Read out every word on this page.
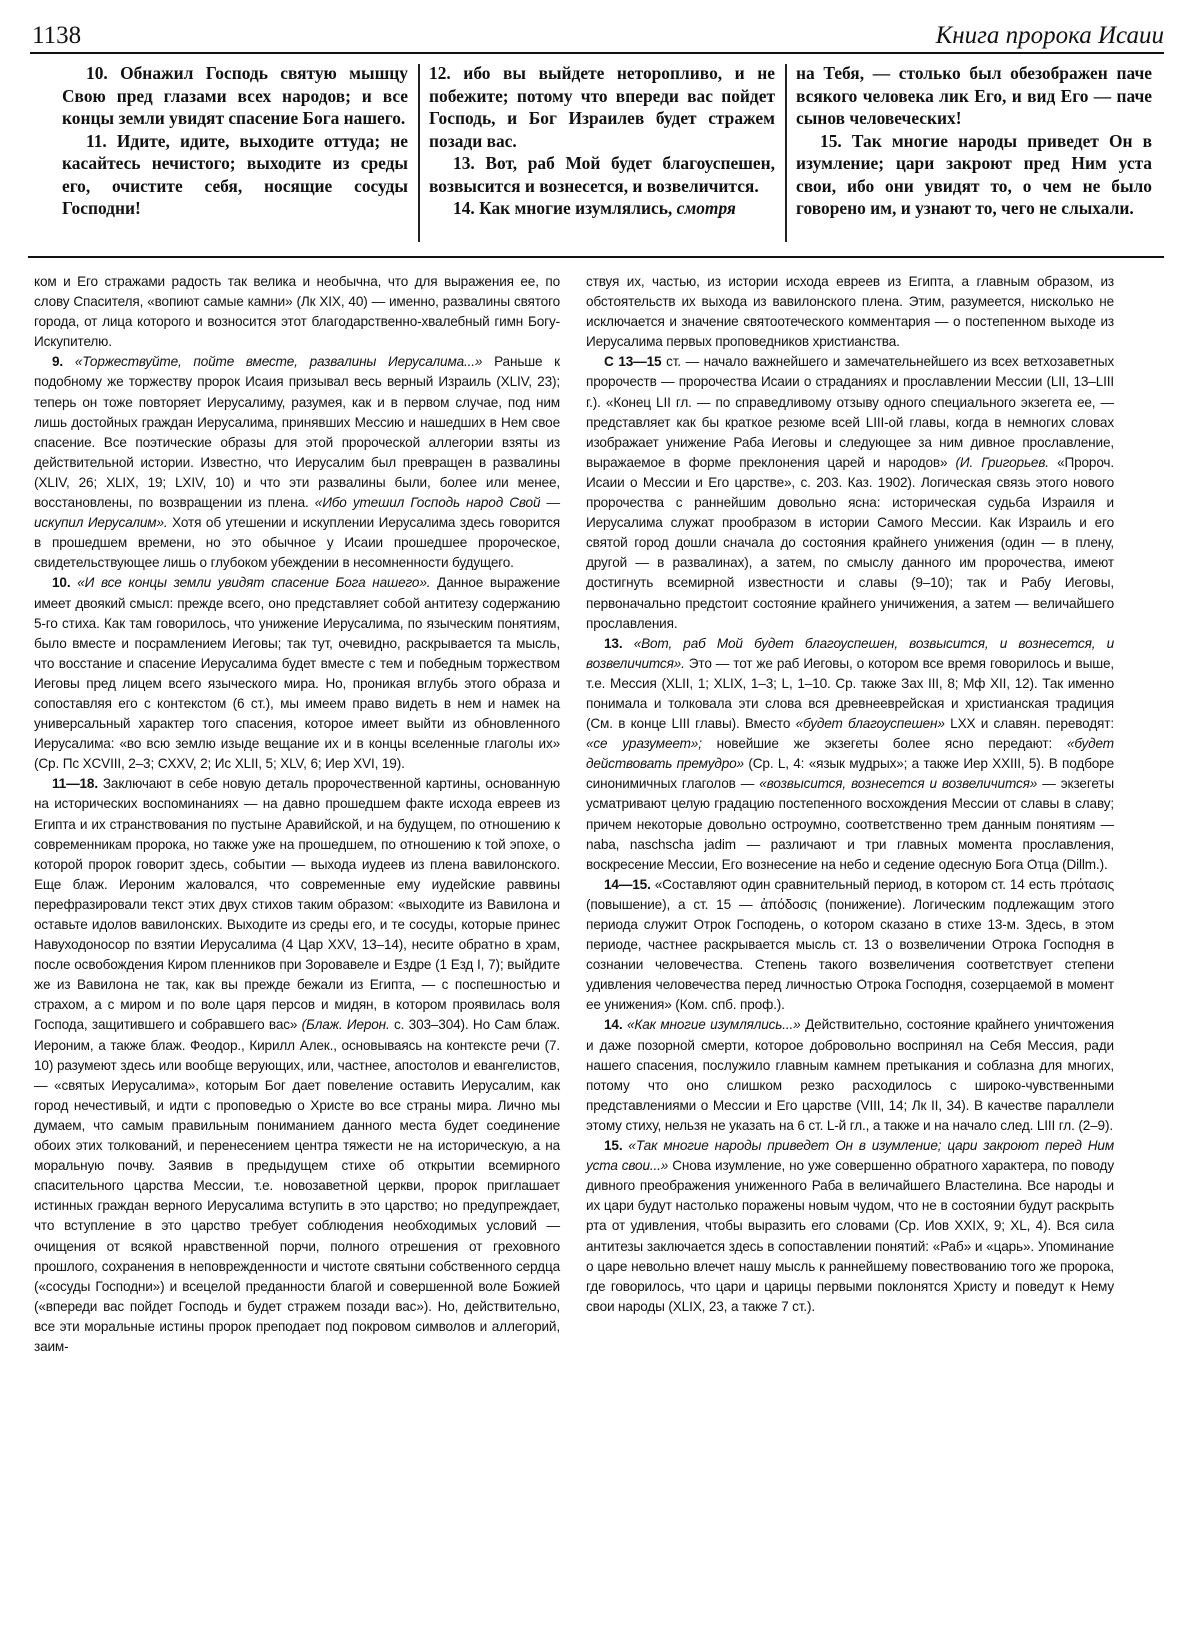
1138	Книга пророка Исаии

10. Обнажил Господь святую мышцу Свою пред глазами всех народов; и все концы земли увидят спасение Бога нашего.

11. Идите, идите, выходите оттуда; не касайтесь нечистого; выходите из среды его, очистите себя, носящие сосуды Господни!

12. ибо вы выйдете неторопливо, и не побежите; потому что впереди вас пойдет Господь, и Бог Израилев будет стражем позади вас.

13. Вот, раб Мой будет благоуспешен, возвысится и вознесется, и возвеличится.

14. Как многие изумлялись, смотря

на Тебя, — столько был обезображен паче всякого человека лик Его, и вид Его — паче сынов человеческих!

15. Так многие народы приведет Он в изумление; цари закроют пред Ним уста свои, ибо они увидят то, о чем не было говорено им, и узнают то, чего не слыхали.

ком и Его стражами радость так велика и необычна, что для выражения ее, по слову Спасителя, «вопиют самые камни» (Лк XIX, 40) — именно, развалины святого города, от лица которого и возносится этот благодарственно-хвалебный гимн Богу-Искупителю.

9. «Торжествуйте, пойте вместе, развалины Иерусалима...» Раньше к подобному же торжеству пророк Исаия призывал весь верный Израиль (XLIV, 23); теперь он тоже повторяет Иерусалиму, разумея, как и в первом случае, под ним лишь достойных граждан Иерусалима, принявших Мессию и нашедших в Нем свое спасение. Все поэтические образы для этой пророческой аллегории взяты из действительной истории. Известно, что Иерусалим был превращен в развалины (XLIV, 26; XLIX, 19; LXIV, 10) и что эти развалины были, более или менее, восстановлены, по возвращении из плена. «Ибо утешил Господь народ Свой — искупил Иерусалим». Хотя об утешении и искуплении Иерусалима здесь говорится в прошедшем времени, но это обычное у Исаии прошедшее пророческое, свидетельствующее лишь о глубоком убеждении в несомненности будущего.

10. «И все концы земли увидят спасение Бога нашего». Данное выражение имеет двоякий смысл: прежде всего, оно представляет собой антитезу содержанию 5-го стиха. Как там говорилось, что унижение Иерусалима, по языческим понятиям, было вместе и посрамлением Иеговы; так тут, очевидно, раскрывается та мысль, что восстание и спасение Иерусалима будет вместе с тем и победным торжеством Иеговы пред лицем всего языческого мира. Но, проникая вглубь этого образа и сопоставляя его с контекстом (6 ст.), мы имеем право видеть в нем и намек на универсальный характер того спасения, которое имеет выйти из обновленного Иерусалима: «во всю землю изыде вещание их и в концы вселенные глаголы их» (Ср. Пс XCVIII, 2–3; CXXV, 2; Ис XLII, 5; XLV, 6; Иер XVI, 19).

11—18. Заключают в себе новую деталь пророчественной картины, основанную на исторических воспоминаниях — на давно прошедшем факте исхода евреев из Египта и их странствования по пустыне Аравийской, и на будущем, по отношению к современникам пророка, но также уже на прошедшем, по отношению к той эпохе, о которой пророк говорит здесь, событии — выхода иудеев из плена вавилонского. Еще блаж. Иероним жаловался, что современные ему иудейские раввины перефразировали текст этих двух стихов таким образом: «выходите из Вавилона и оставьте идолов вавилонских. Выходите из среды его, и те сосуды, которые принес Навуходоносор по взятии Иерусалима (4 Цар XXV, 13–14), несите обратно в храм, после освобождения Киром пленников при Зоровавеле и Ездре (1 Езд I, 7); выйдите же из Вавилона не так, как вы прежде бежали из Египта, — с поспешностью и страхом, а с миром и по воле царя персов и мидян, в котором проявилась воля Господа, защитившего и собравшего вас» (Блаж. Иерон. с. 303–304). Но Сам блаж. Иероним, а также блаж. Феодор., Кирилл Алек., основываясь на контексте речи (7. 10) разумеют здесь или вообще верующих, или, частнее, апостолов и евангелистов, — «святых Иерусалима», которым Бог дает повеление оставить Иерусалим, как город нечестивый, и идти с проповедью о Христе во все страны мира. Лично мы думаем, что самым правильным пониманием данного места будет соединение обоих этих толкований, и перенесением центра тяжести не на историческую, а на моральную почву. Заявив в предыдущем стихе об открытии всемирного спасительного царства Мессии, т.е. новозаветной церкви, пророк приглашает истинных граждан верного Иерусалима вступить в это царство; но предупреждает, что вступление в это царство требует соблюдения необходимых условий — очищения от всякой нравственной порчи, полного отрешения от греховного прошлого, сохранения в неповрежденности и чистоте святыни собственного сердца («сосуды Господни») и всецелой преданности благой и совершенной воле Божией («впереди вас пойдет Господь и будет стражем позади вас»). Но, действительно, все эти моральные истины пророк преподает под покровом символов и аллегорий, заим-

ствуя их, частью, из истории исхода евреев из Египта, а главным образом, из обстоятельств их выхода из вавилонского плена. Этим, разумеется, нисколько не исключается и значение святоотеческого комментария — о постепенном выходе из Иерусалима первых проповедников христианства.

С 13—15 ст. — начало важнейшего и замечательнейшего из всех ветхозаветных пророчеств — пророчества Исаии о страданиях и прославлении Мессии (LII, 13–LIII г.). «Конец LII гл. — по справедливому отзыву одного специального экзегета ее, — представляет как бы краткое резюме всей LIII-ой главы, когда в немногих словах изображает унижение Раба Иеговы и следующее за ним дивное прославление, выражаемое в форме преклонения царей и народов» (И. Григорьев. «Пророч. Исаии о Мессии и Его царстве», с. 203. Каз. 1902). Логическая связь этого нового пророчества с раннейшим довольно ясна: историческая судьба Израиля и Иерусалима служат прообразом в истории Самого Мессии. Как Израиль и его святой город дошли сначала до состояния крайнего унижения (один — в плену, другой — в развалинах), а затем, по смыслу данного им пророчества, имеют достигнуть всемирной известности и славы (9–10); так и Рабу Иеговы, первоначально предстоит состояние крайнего уничижения, а затем — величайшего прославления.

13. «Вот, раб Мой будет благоуспешен, возвысится, и вознесется, и возвеличится». Это — тот же раб Иеговы, о котором все время говорилось и выше, т.е. Мессия (XLII, 1; XLIX, 1–3; L, 1–10. Ср. также Зах III, 8; Мф XII, 12). Так именно понимала и толковала эти слова вся древнееврейская и христианская традиция (См. в конце LIII главы). Вместо «будет благоуспешен» LXX и славян. переводят: «се уразумеет»; новейшие же экзегеты более ясно передают: «будет действовать премудро» (Ср. L, 4: «язык мудрых»; а также Иер XXIII, 5). В подборе синонимичных глаголов — «возвысится, вознесется и возвеличится» — экзегеты усматривают целую градацию постепенного восхождения Мессии от славы в славу; причем некоторые довольно остроумно, соответственно трем данным понятиям — naba, naschscha jadim — различают и три главных момента прославления, воскресение Мессии, Его вознесение на небо и седение одесную Бога Отца (Dillm.).

14—15. «Составляют один сравнительный период, в котором ст. 14 есть πρότασις (повышение), а ст. 15 — ἀπόδοσις (понижение). Логическим подлежащим этого периода служит Отрок Господень, о котором сказано в стихе 13-м. Здесь, в этом периоде, частнее раскрывается мысль ст. 13 о возвеличении Отрока Господня в сознании человечества. Степень такого возвеличения соответствует степени удивления человечества перед личностью Отрока Господня, созерцаемой в момент ее унижения» (Ком. спб. проф.).

14. «Как многие изумлялись...» Действительно, состояние крайнего уничтожения и даже позорной смерти, которое добровольно воспринял на Себя Мессия, ради нашего спасения, послужило главным камнем претыкания и соблазна для многих, потому что оно слишком резко расходилось с широко-чувственными представлениями о Мессии и Его царстве (VIII, 14; Лк II, 34). В качестве параллели этому стиху, нельзя не указать на 6 ст. L-й гл., а также и на начало след. LIII гл. (2–9).

15. «Так многие народы приведет Он в изумление; цари закроют перед Ним уста свои...» Снова изумление, но уже совершенно обратного характера, по поводу дивного преображения униженного Раба в величайшего Властелина. Все народы и их цари будут настолько поражены новым чудом, что не в состоянии будут раскрыть рта от удивления, чтобы выразить его словами (Ср. Иов XXIX, 9; XL, 4). Вся сила антитезы заключается здесь в сопоставлении понятий: «Раб» и «царь». Упоминание о царе невольно влечет нашу мысль к раннейшему повествованию того же пророка, где говорилось, что цари и царицы первыми поклонятся Христу и поведут к Нему свои народы (XLIX, 23, а также 7 ст.).
